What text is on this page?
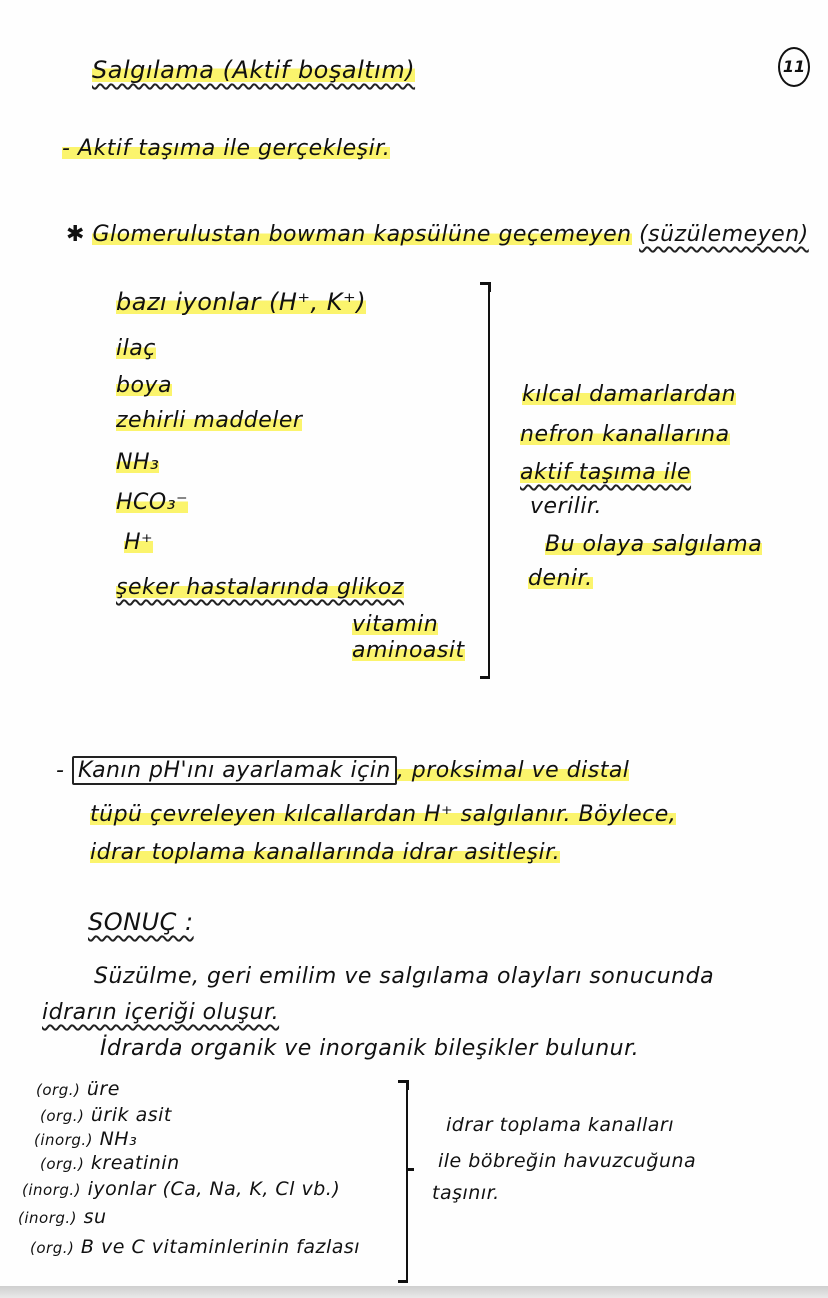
11
Salgılama (Aktif boşaltım)
- Aktif taşıma ile gerçekleşir.
✱ Glomerulustan bowman kapsülüne geçemeyen (süzülemeyen)
bazı iyonlar (H⁺, K⁺)
ilaç
boya
zehirli maddeler
NH₃
HCO₃⁻
H⁺
şeker hastalarında glikoz
vitamin
aminoasit
kılcal damarlardan
nefron kanallarına
aktif taşıma ile
verilir.
Bu olaya salgılama
denir.
- Kanın pH'ını ayarlamak için , proksimal ve distal
tüpü çevreleyen kılcallardan H⁺ salgılanır. Böylece,
idrar toplama kanallarında idrar asitleşir.
SONUÇ :
Süzülme, geri emilim ve salgılama olayları sonucunda
idrarın içeriği oluşur.
İdrarda organik ve inorganik bileşikler bulunur.
(org.) üre
(org.) ürik asit
(inorg.) NH₃
(org.) kreatinin
(inorg.) iyonlar (Ca, Na, K, Cl vb.)
(inorg.) su
(org.) B ve C vitaminlerinin fazlası
idrar toplama kanalları
ile böbreğin havuzcuğuna
taşınır.
